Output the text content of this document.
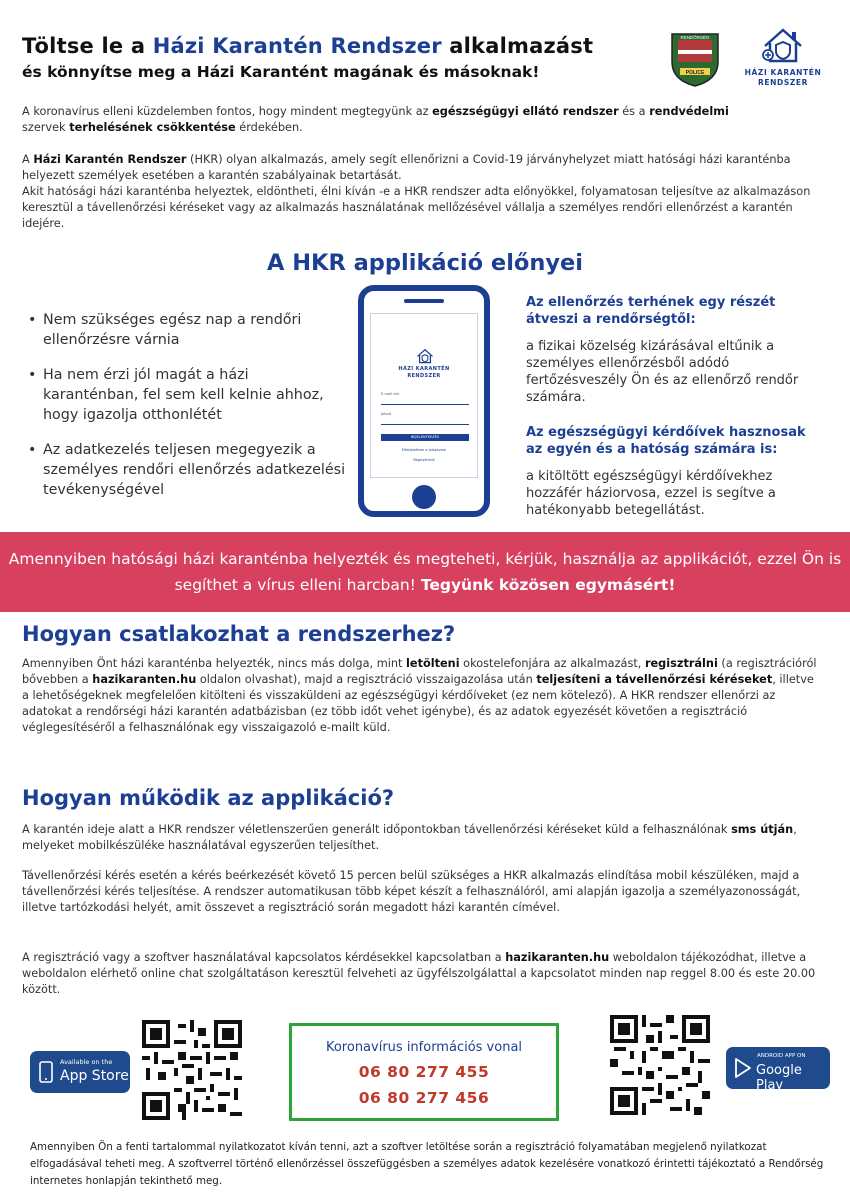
Töltse le a Házi Karantén Rendszer alkalmazást
és könnyítse meg a Házi Karantént magának és másoknak!
RENDŐRSÉG
POLICE	HÁZI KARANTÉN
RENDSZER
A koronavírus elleni küzdelemben fontos, hogy mindent megtegyünk az egészségügyi ellátó rendszer és a rendvédelmi
szervek terhelésének csökkentése érdekében.
A Házi Karantén Rendszer (HKR) olyan alkalmazás, amely segít ellenőrizni a Covid-19 járványhelyzet miatt hatósági házi karanténba helyezett személyek esetében a karantén szabályainak betartását.
Akit hatósági házi karanténba helyeztek, eldöntheti, élni kíván -e a HKR rendszer adta előnyökkel, folyamatosan teljesítve az alkalmazáson keresztül a távellenőrzési kéréseket vagy az alkalmazás használatának mellőzésével vállalja a személyes rendőri ellenőrzést a karantén idejére.
A HKR applikáció előnyei
• Nem szükséges egész nap a rendőri ellenőrzésre várnia
• Ha nem érzi jól magát a házi karanténban, fel sem kell kelnie ahhoz, hogy igazolja otthonlétét
• Az adatkezelés teljesen megegyezik a személyes rendőri ellenőrzés adatkezelési tevékenységével
HÁZI KARANTÉN
RENDSZER
E-mail cím
Jelszó
BEJELENTKEZÉS
Elfelejtettem a jelszavam
Regisztráció
Az ellenőrzés terhének egy részét átveszi a rendőrségtől:
a fizikai közelség kizárásával eltűnik a személyes ellenőrzésből adódó fertőzésveszély Ön és az ellenőrző rendőr számára.
Az egészségügyi kérdőívek hasznosak az egyén és a hatóság számára is:
a kitöltött egészségügyi kérdőívekhez hozzáfér háziorvosa, ezzel is segítve a hatékonyabb betegellátást.
Amennyiben hatósági házi karanténba helyezték és megteheti, kérjük, használja az applikációt, ezzel Ön is segíthet a vírus elleni harcban! Tegyünk közösen egymásért!
Hogyan csatlakozhat a rendszerhez?
Amennyiben Önt házi karanténba helyezték, nincs más dolga, mint letölteni okostelefonjára az alkalmazást, regisztrálni (a regisztrációról bővebben a hazikaranten.hu oldalon olvashat), majd a regisztráció visszaigazolása után teljesíteni a távellenőrzési kéréseket, illetve a lehetőségeknek megfelelően kitölteni és visszaküldeni az egészségügyi kérdőíveket (ez nem kötelező). A HKR rendszer ellenőrzi az adatokat a rendőrségi házi karantén adatbázisban (ez több időt vehet igénybe), és az adatok egyezését követően a regisztráció véglegesítéséről a felhasználónak egy visszaigazoló e-mailt küld.
Hogyan működik az applikáció?
A karantén ideje alatt a HKR rendszer véletlenszerűen generált időpontokban távellenőrzési kéréseket küld a felhasználónak sms útján, melyeket mobilkészüléke használatával egyszerűen teljesíthet.
Távellenőrzési kérés esetén a kérés beérkezését követő 15 percen belül szükséges a HKR alkalmazás elindítása mobil készüléken, majd a távellenőrzési kérés teljesítése. A rendszer automatikusan több képet készít a felhasználóról, ami alapján igazolja a személyazonosságát, illetve tartózkodási helyét, amit összevet a regisztráció során megadott házi karantén címével.
A regisztráció vagy a szoftver használatával kapcsolatos kérdésekkel kapcsolatban a hazikaranten.hu weboldalon tájékozódhat, illetve a weboldalon elérhető online chat szolgáltatáson keresztül felveheti az ügyfélszolgálattal a kapcsolatot minden nap reggel 8.00 és este 20.00 között.
Available on the
App Store
Koronavírus információs vonal
06 80 277 455
06 80 277 456
ANDROID APP ON
Google Play
Amennyiben Ön a fenti tartalommal nyilatkozatot kíván tenni, azt a szoftver letöltése során a regisztráció folyamatában megjelenő nyilatkozat elfogadásával teheti meg. A szoftverrel történő ellenőrzéssel összefüggésben a személyes adatok kezelésére vonatkozó érintetti tájékoztató a Rendőrség internetes honlapján tekinthető meg.
